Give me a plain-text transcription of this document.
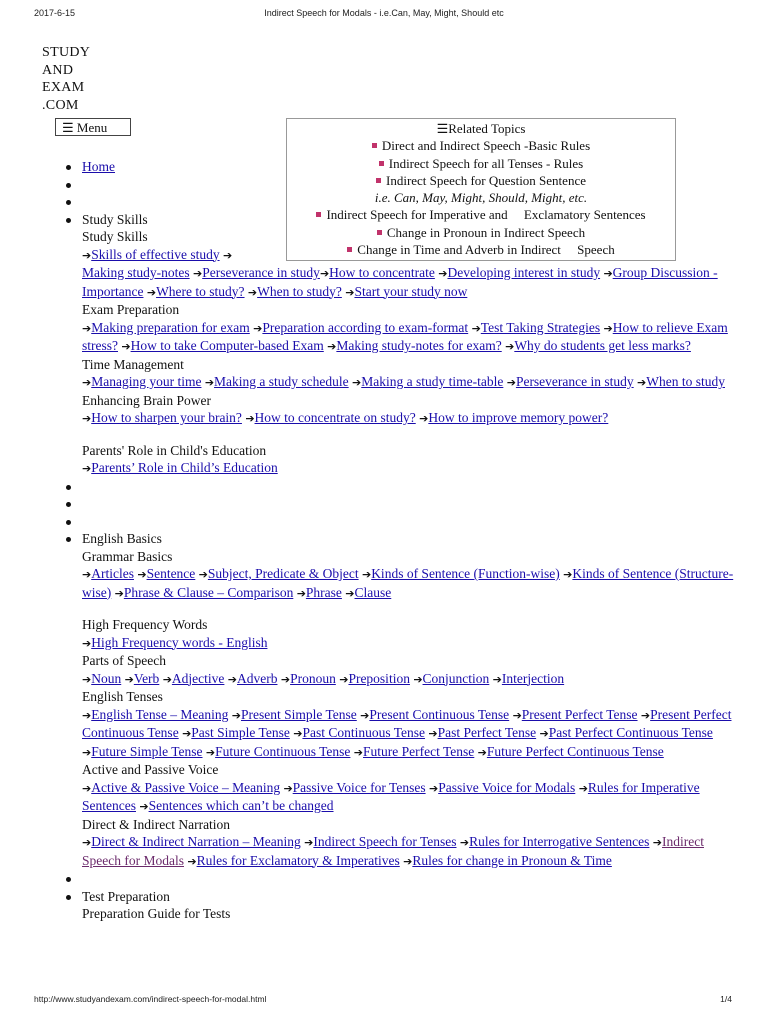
2017-6-15	Indirect Speech for Modals - i.e.Can, May, Might, Should etc
STUDY
AND
EXAM
.COM
☰ Menu	☰Related Topics
Direct and Indirect Speech -Basic Rules
Indirect Speech for all Tenses - Rules
Indirect Speech for Question Sentence
i.e. Can, May, Might, Should, Might, etc.
Indirect Speech for Imperative and     Exclamatory Sentences
Change in Pronoun in Indirect Speech
Change in Time and Adverb in Indirect     Speech
Home
Study Skills
Study Skills
➔Skills of effective study ➔
Making study-notes ➔Perseverance in study➔How to concentrate ➔Developing interest in study ➔Group Discussion - Importance ➔Where to study? ➔When to study? ➔Start your study now
Exam Preparation
➔Making preparation for exam ➔Preparation according to exam-format ➔Test Taking Strategies ➔How to relieve Exam stress? ➔How to take Computer-based Exam ➔Making study-notes for exam? ➔Why do students get less marks?
Time Management
➔Managing your time ➔Making a study schedule ➔Making a study time-table ➔Perseverance in study ➔When to study
Enhancing Brain Power
➔How to sharpen your brain? ➔How to concentrate on study? ➔How to improve memory power?
Parents' Role in Child's Education
➔Parents’ Role in Child’s Education
English Basics
Grammar Basics
➔Articles ➔Sentence ➔Subject, Predicate & Object ➔Kinds of Sentence (Function-wise) ➔Kinds of Sentence (Structure-wise) ➔Phrase & Clause – Comparison ➔Phrase ➔Clause
High Frequency Words
➔High Frequency words - English
Parts of Speech
➔Noun ➔Verb ➔Adjective ➔Adverb ➔Pronoun ➔Preposition ➔Conjunction ➔Interjection
English Tenses
➔English Tense – Meaning ➔Present Simple Tense ➔Present Continuous Tense ➔Present Perfect Tense ➔Present Perfect Continuous Tense ➔Past Simple Tense ➔Past Continuous Tense ➔Past Perfect Tense ➔Past Perfect Continuous Tense ➔Future Simple Tense ➔Future Continuous Tense ➔Future Perfect Tense ➔Future Perfect Continuous Tense
Active and Passive Voice
➔Active & Passive Voice – Meaning ➔Passive Voice for Tenses ➔Passive Voice for Modals ➔Rules for Imperative Sentences ➔Sentences which can’t be changed
Direct & Indirect Narration
➔Direct & Indirect Narration – Meaning ➔Indirect Speech for Tenses ➔Rules for Interrogative Sentences ➔Indirect Speech for Modals ➔Rules for Exclamatory & Imperatives ➔Rules for change in Pronoun & Time
Test Preparation
Preparation Guide for Tests
http://www.studyandexam.com/indirect-speech-for-modal.html	1/4
